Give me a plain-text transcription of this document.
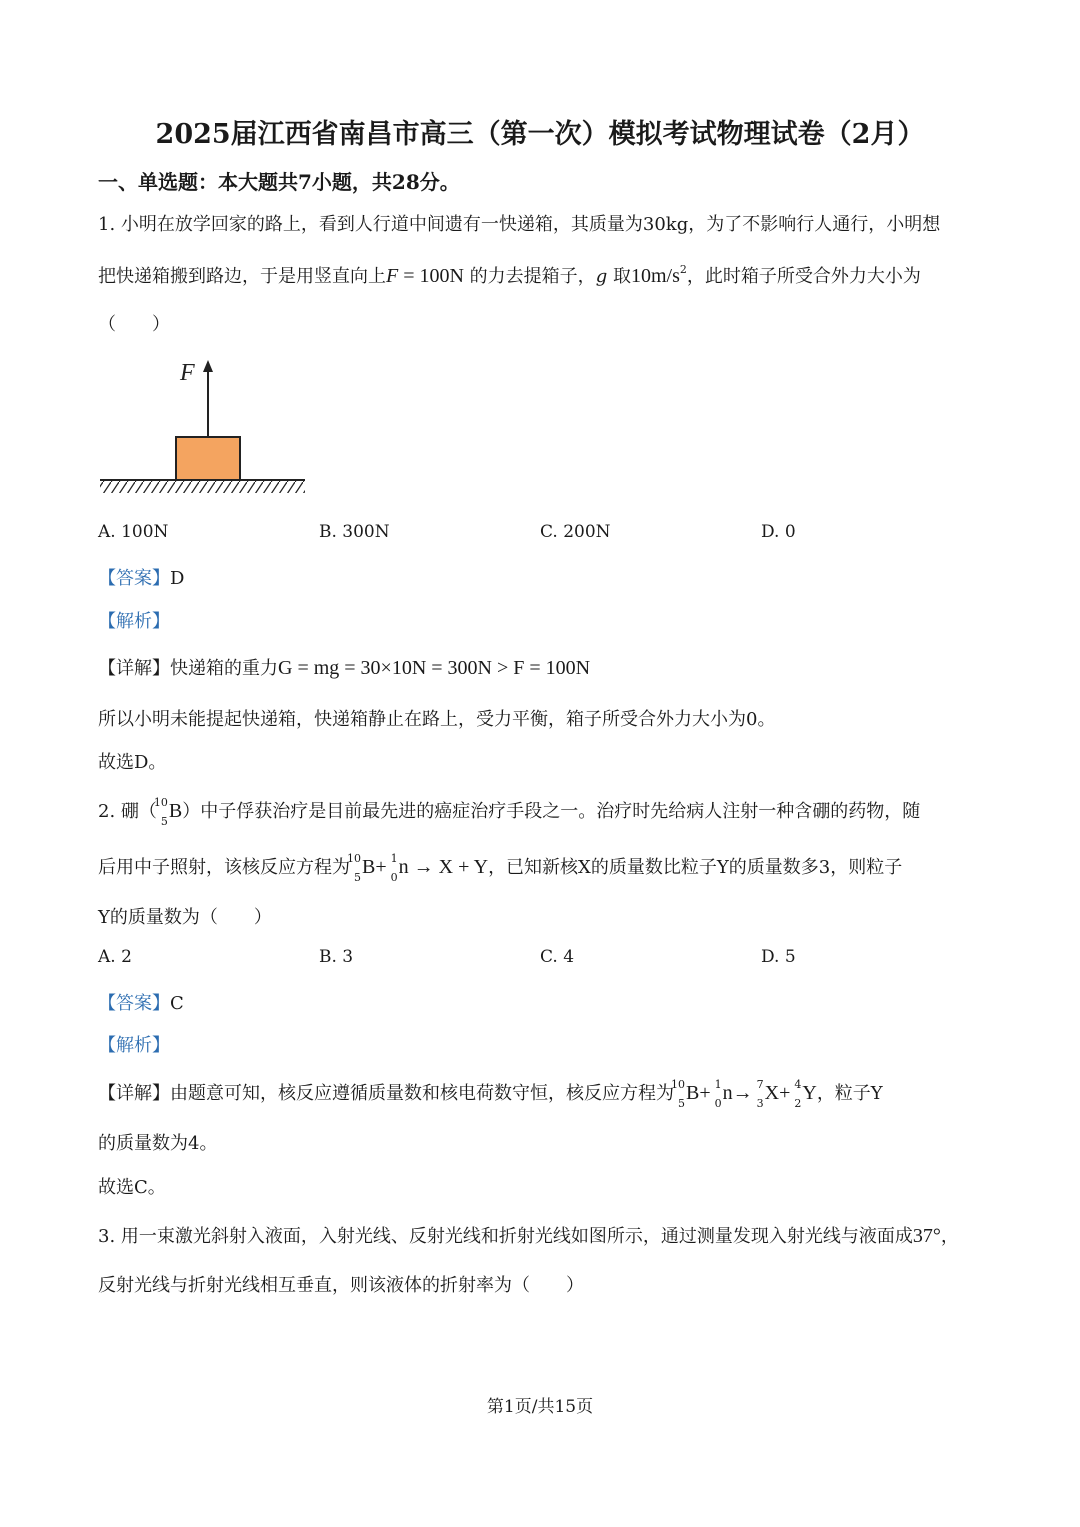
2025届江西省南昌市高三（第一次）模拟考试物理试卷（2月）
一、单选题：本大题共7小题，共28分。
1. 小明在放学回家的路上，看到人行道中间遗有一快递箱，其质量为30kg，为了不影响行人通行，小明想
把快递箱搬到路边，于是用竖直向上F = 100N 的力去提箱子，g 取$10m/s^2$，此时箱子所受合外力大小为
（　　）
F
A. 100N	B. 300N	C. 200N	D. 0
【答案】D
【解析】
【详解】快递箱的重力G = mg = 30×10N = 300N > F = 100N
所以小明未能提起快递箱，快递箱静止在路上，受力平衡，箱子所受合外力大小为0。
故选D。
2. 硼（
10
5 B）中子俘获治疗是目前最先进的癌症治疗手段之一。治疗时先给病人注射一种含硼的药物，随
后用中子照射，该核反应方程为
10
5 B+ 1
0 n → X + Y，已知新核X的质量数比粒子Y的质量数多3，则粒子
Y的质量数为（　　）
A. 2	B. 3	C. 4	D. 5
【答案】C
【解析】
【详解】由题意可知，核反应遵循质量数和核电荷数守恒，核反应方程为
10
5 B+ 1
0 n→ 7
3 X+ 4
2 Y，粒子Y
的质量数为4。
故选C。
3. 用一束激光斜射入液面，入射光线、反射光线和折射光线如图所示，通过测量发现入射光线与液面成37°，
反射光线与折射光线相互垂直，则该液体的折射率为（　　）
第1页/共15页
